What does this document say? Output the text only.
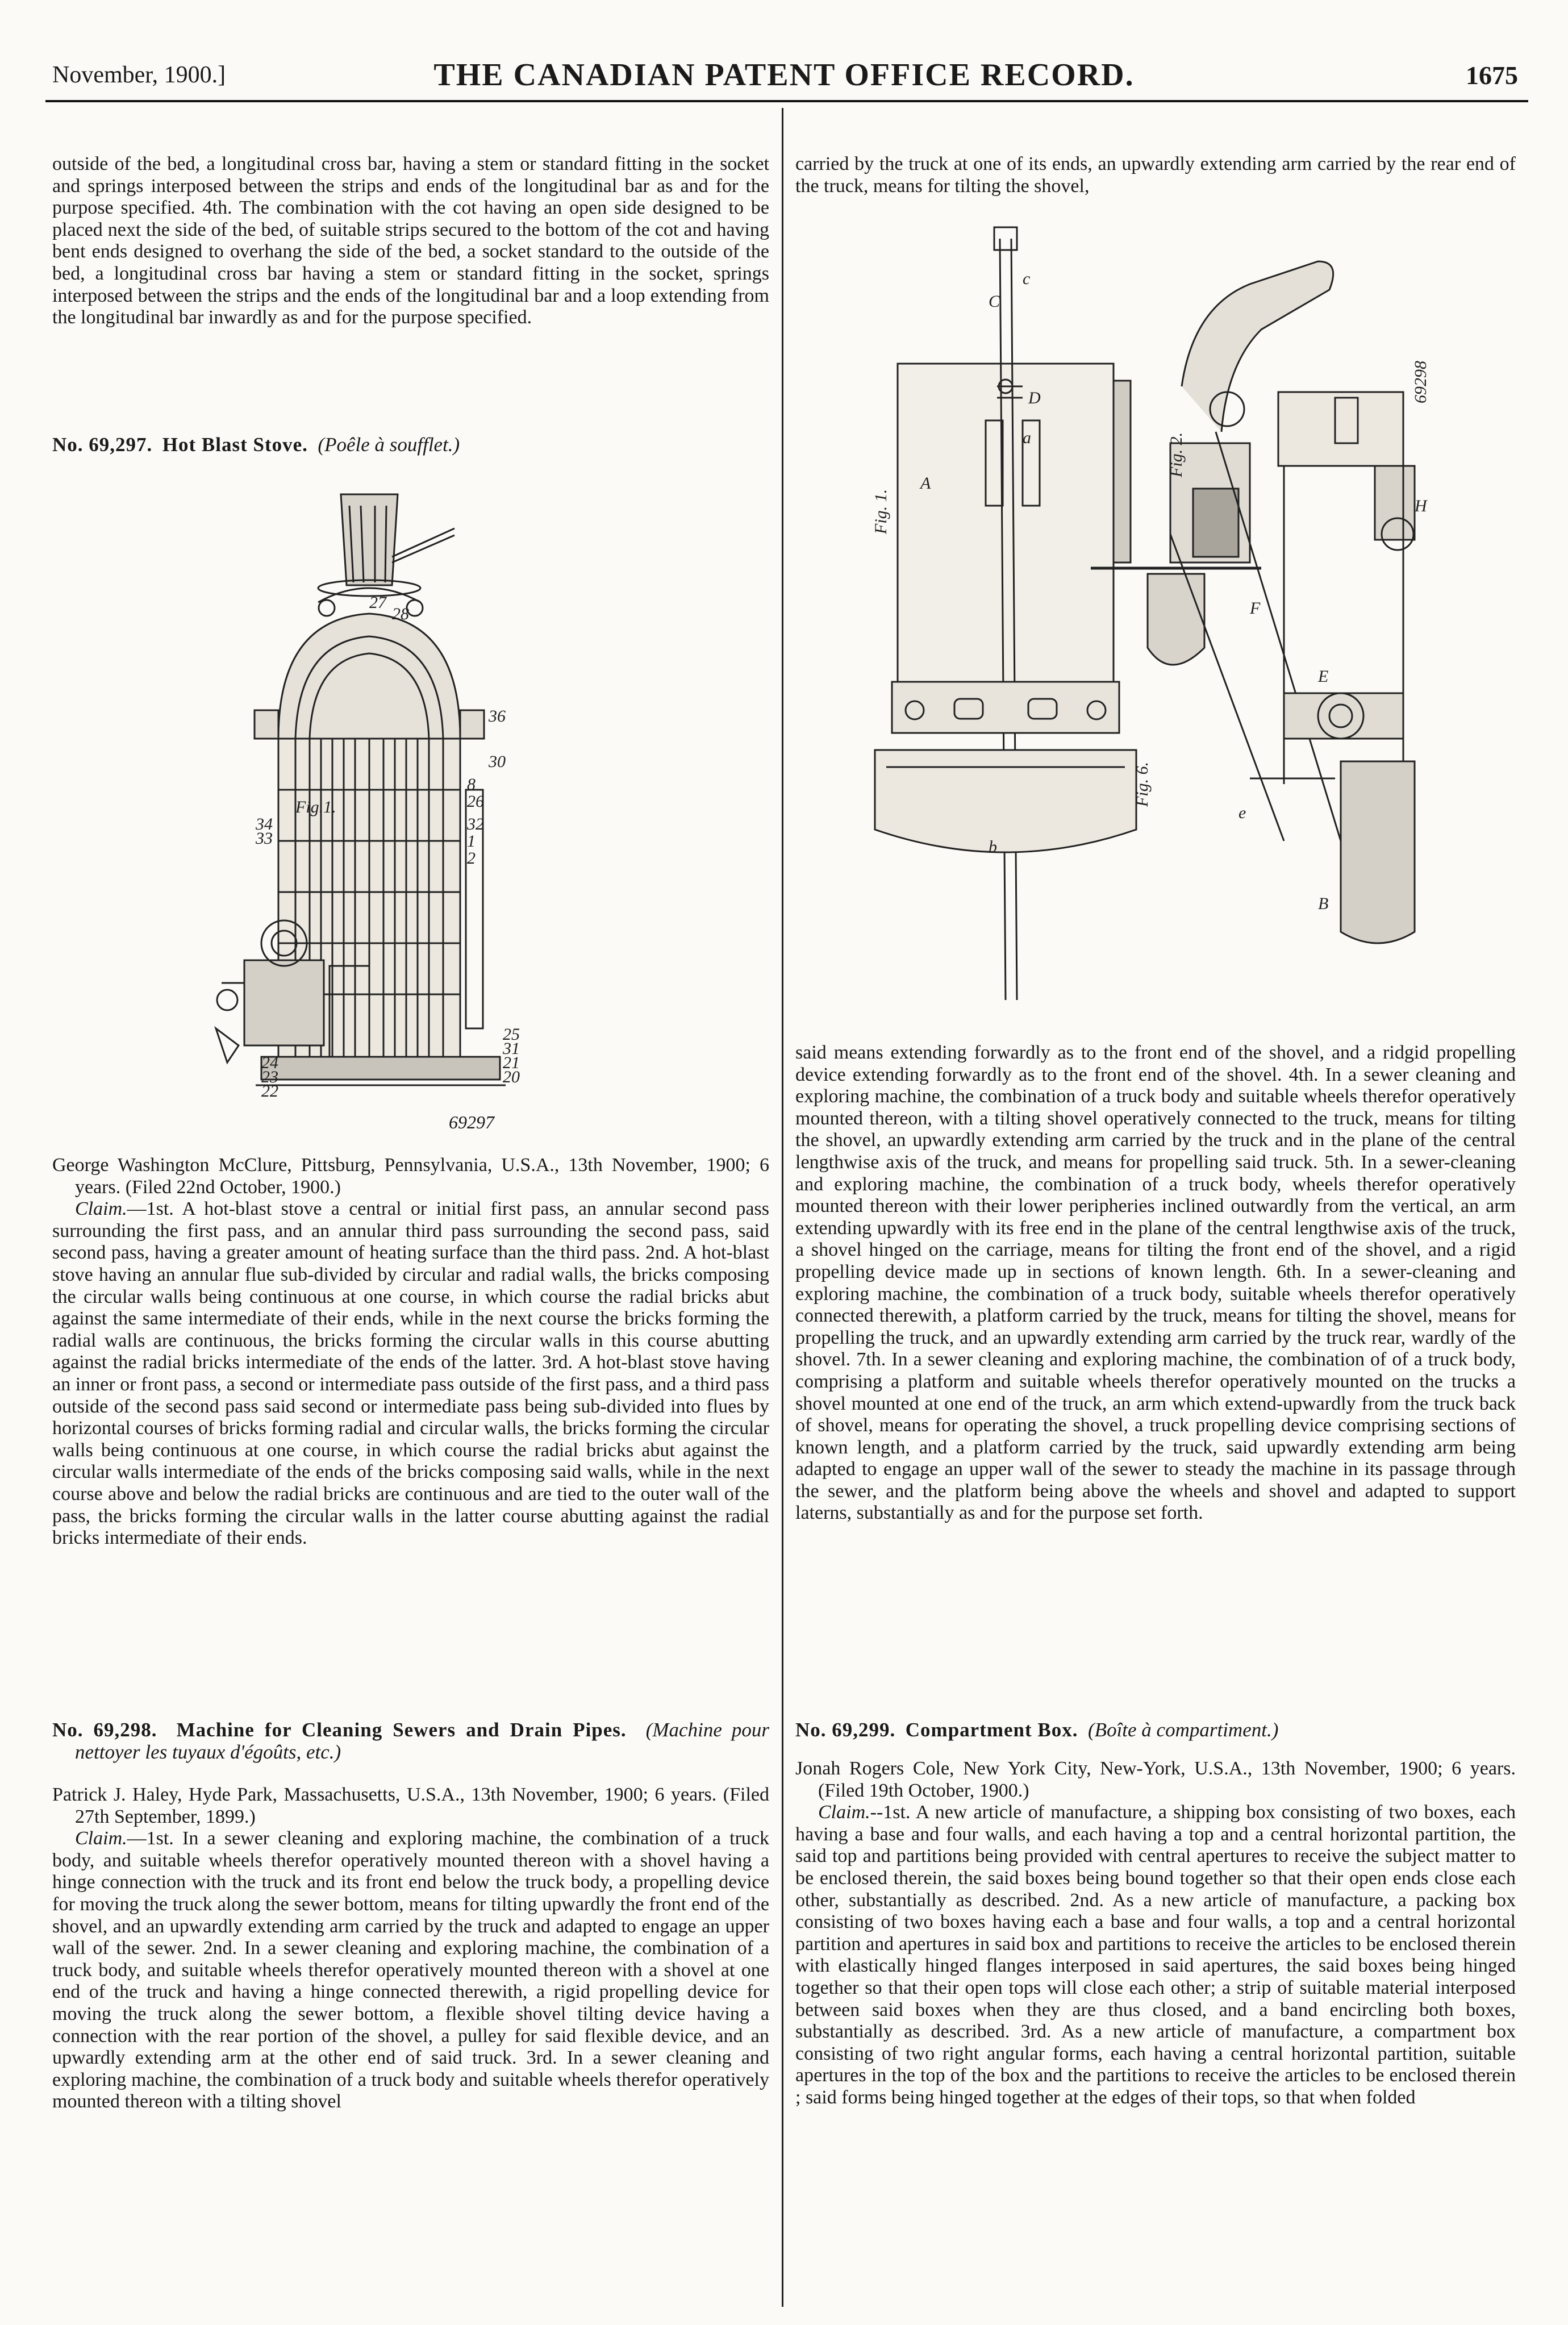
November, 1900.]	THE CANADIAN PATENT OFFICE RECORD.	1675

outside of the bed, a longitudinal cross bar, having a stem or standard fitting in the socket and springs interposed between the strips and ends of the longitudinal bar as and for the purpose specified. 4th. The combination with the cot having an open side designed to be placed next the side of the bed, of suitable strips secured to the bottom of the cot and having bent ends designed to overhang the side of the bed, a socket standard to the outside of the bed, a longitudinal cross bar having a stem or standard fitting in the socket, springs interposed between the strips and the ends of the longitudinal bar and a loop extending from the longitudinal bar inwardly as and for the purpose specified.

No. 69,297. Hot Blast Stove. (Poêle à soufflet.)
Fig.1.
27
28
36
30
8
26
34
33
32
1
2
25
31
24
23
22
21
20
69297

George Washington McClure, Pittsburg, Pennsylvania, U.S.A., 13th November, 1900; 6 years. (Filed 22nd October, 1900.)

Claim.—1st. A hot-blast stove a central or initial first pass, an annular second pass surrounding the first pass, and an annular third pass surrounding the second pass, said second pass, having a greater amount of heating surface than the third pass. 2nd. A hot-blast stove having an annular flue sub-divided by circular and radial walls, the bricks composing the circular walls being continuous at one course, in which course the radial bricks abut against the same intermediate of their ends, while in the next course the bricks forming the radial walls are continuous, the bricks forming the circular walls in this course abutting against the radial bricks intermediate of the ends of the latter. 3rd. A hot-blast stove having an inner or front pass, a second or intermediate pass outside of the first pass, and a third pass outside of the second pass said second or intermediate pass being sub-divided into flues by horizontal courses of bricks forming radial and circular walls, the bricks forming the circular walls being continuous at one course, in which course the radial bricks abut against the circular walls intermediate of the ends of the bricks composing said walls, while in the next course above and below the radial bricks are continuous and are tied to the outer wall of the pass, the bricks forming the circular walls in the latter course abutting against the radial bricks intermediate of their ends.

No. 69,298. Machine for Cleaning Sewers and Drain Pipes. (Machine pour nettoyer les tuyaux d'égoûts, etc.)

Patrick J. Haley, Hyde Park, Massachusetts, U.S.A., 13th November, 1900; 6 years. (Filed 27th September, 1899.)

Claim.—1st. In a sewer cleaning and exploring machine, the combination of a truck body, and suitable wheels therefor operatively mounted thereon with a shovel having a hinge connection with the truck and its front end below the truck body, a propelling device for moving the truck along the sewer bottom, means for tilting upwardly the front end of the shovel, and an upwardly extending arm carried by the truck and adapted to engage an upper wall of the sewer. 2nd. In a sewer cleaning and exploring machine, the combination of a truck body, and suitable wheels therefor operatively mounted thereon with a shovel at one end of the truck and having a hinge connected therewith, a rigid propelling device for moving the truck along the sewer bottom, a flexible shovel tilting device having a connection with the rear portion of the shovel, a pulley for said flexible device, and an upwardly extending arm at the other end of said truck. 3rd. In a sewer cleaning and exploring machine, the combination of a truck body and suitable wheels therefor operatively mounted thereon with a tilting shovel

carried by the truck at one of its ends, an upwardly extending arm carried by the rear end of the truck, means for tilting the shovel,

Fig. 1.
Fig. 2.
Fig. 6.
69298
A
a
b
c
C
D
H
B
F
E
e

said means extending forwardly as to the front end of the shovel, and a ridgid propelling device extending forwardly as to the front end of the shovel. 4th. In a sewer cleaning and exploring machine, the combination of a truck body and suitable wheels therefor operatively mounted thereon, with a tilting shovel operatively connected to the truck, means for tilting the shovel, an upwardly extending arm carried by the truck and in the plane of the central lengthwise axis of the truck, and means for propelling said truck. 5th. In a sewer-cleaning and exploring machine, the combination of a truck body, wheels therefor operatively mounted thereon with their lower peripheries inclined outwardly from the vertical, an arm extending upwardly with its free end in the plane of the central lengthwise axis of the truck, a shovel hinged on the carriage, means for tilting the front end of the shovel, and a rigid propelling device made up in sections of known length. 6th. In a sewer-cleaning and exploring machine, the combination of a truck body, suitable wheels therefor operatively connected therewith, a platform carried by the truck, means for tilting the shovel, means for propelling the truck, and an upwardly extending arm carried by the truck rear, wardly of the shovel. 7th. In a sewer cleaning and exploring machine, the combination of of a truck body, comprising a platform and suitable wheels therefor operatively mounted on the trucks a shovel mounted at one end of the truck, an arm which extend-upwardly from the truck back of shovel, means for operating the shovel, a truck propelling device comprising sections of known length, and a platform carried by the truck, said upwardly extending arm being adapted to engage an upper wall of the sewer to steady the machine in its passage through the sewer, and the platform being above the wheels and shovel and adapted to support laterns, substantially as and for the purpose set forth.

No. 69,299. Compartment Box. (Boîte à compartiment.)

Jonah Rogers Cole, New York City, New-York, U.S.A., 13th November, 1900; 6 years. (Filed 19th October, 1900.)

Claim.--1st. A new article of manufacture, a shipping box consisting of two boxes, each having a base and four walls, and each having a top and a central horizontal partition, the said top and partitions being provided with central apertures to receive the subject matter to be enclosed therein, the said boxes being bound together so that their open ends close each other, substantially as described. 2nd. As a new article of manufacture, a packing box consisting of two boxes having each a base and four walls, a top and a central horizontal partition and apertures in said box and partitions to receive the articles to be enclosed therein with elastically hinged flanges interposed in said apertures, the said boxes being hinged together so that their open tops will close each other; a strip of suitable material interposed between said boxes when they are thus closed, and a band encircling both boxes, substantially as described. 3rd. As a new article of manufacture, a compartment box consisting of two right angular forms, each having a central horizontal partition, suitable apertures in the top of the box and the partitions to receive the articles to be enclosed therein ; said forms being hinged together at the edges of their tops, so that when folded
